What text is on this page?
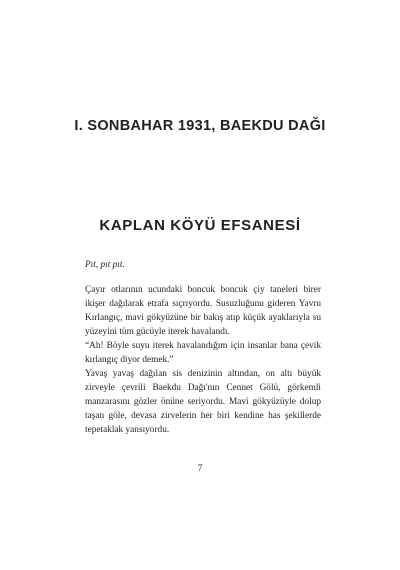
I. SONBAHAR 1931, BAEKDU DAĞI
KAPLAN KÖYÜ EFSANESİ

Pıt, pıt pıt.

Çayır otlarının ucundaki boncuk boncuk çiy taneleri birer ikişer dağılarak etrafa sıçrıyordu. Susuzluğunu gideren Yavru Kırlangıç, mavi gökyüzüne bir bakış atıp küçük ayaklarıyla su yüzeyini tüm gücüyle iterek havalandı.

“Ah! Böyle suyu iterek havalandığım için insanlar bana çevik kırlangıç diyor demek.”

Yavaş yavaş dağılan sis denizinin altından, on altı büyük zirveyle çevrili Baekdu Dağı'nın Cennet Gölü, görkemli manzarasını gözler önüne seriyordu. Mavi gökyüzüyle dolup taşan göle, devasa zirvelerin her biri kendine has şekillerde tepetaklak yansıyordu.

7
